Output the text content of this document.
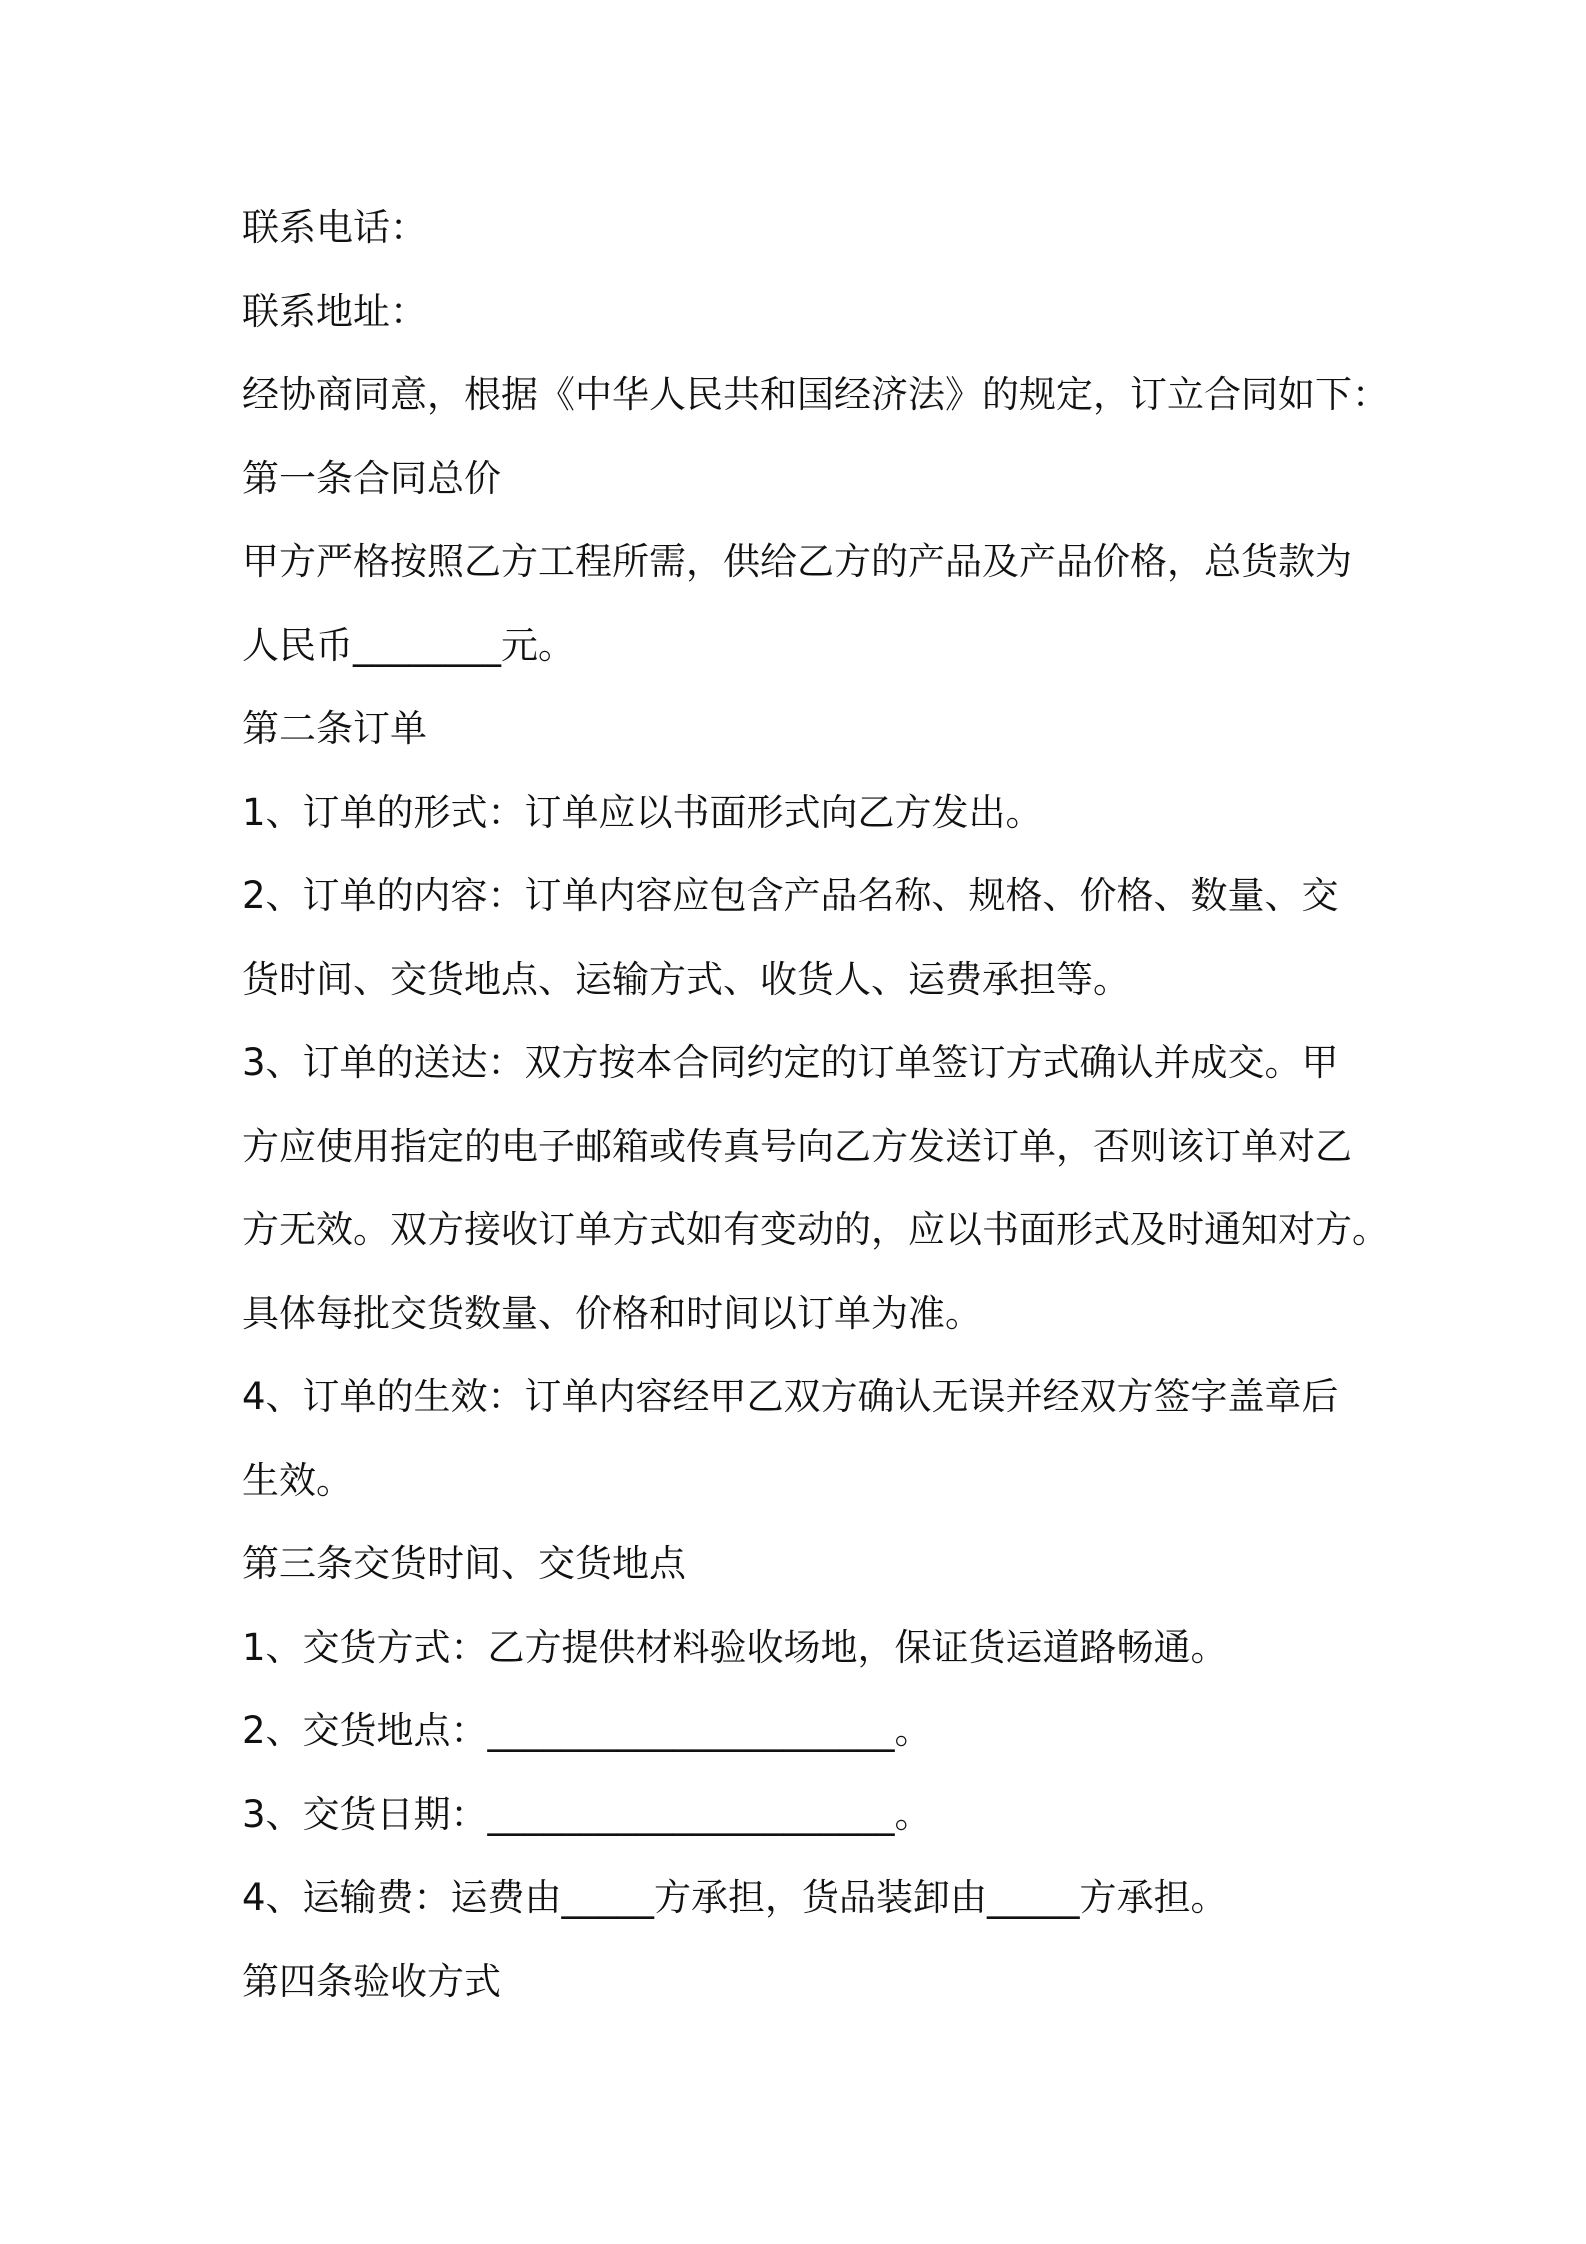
联系电话：
联系地址：
经协商同意，根据《中华人民共和国经济法》的规定，订立合同如下：
第一条合同总价
甲方严格按照乙方工程所需，供给乙方的产品及产品价格，总货款为
人民币________元。
第二条订单
1、订单的形式：订单应以书面形式向乙方发出。
2、订单的内容：订单内容应包含产品名称、规格、价格、数量、交
货时间、交货地点、运输方式、收货人、运费承担等。
3、订单的送达：双方按本合同约定的订单签订方式确认并成交。甲
方应使用指定的电子邮箱或传真号向乙方发送订单，否则该订单对乙
方无效。双方接收订单方式如有变动的，应以书面形式及时通知对方。
具体每批交货数量、价格和时间以订单为准。
4、订单的生效：订单内容经甲乙双方确认无误并经双方签字盖章后
生效。
第三条交货时间、交货地点
1、交货方式：乙方提供材料验收场地，保证货运道路畅通。
2、交货地点：______________________。
3、交货日期：______________________。
4、运输费：运费由_____方承担，货品装卸由_____方承担。
第四条验收方式
